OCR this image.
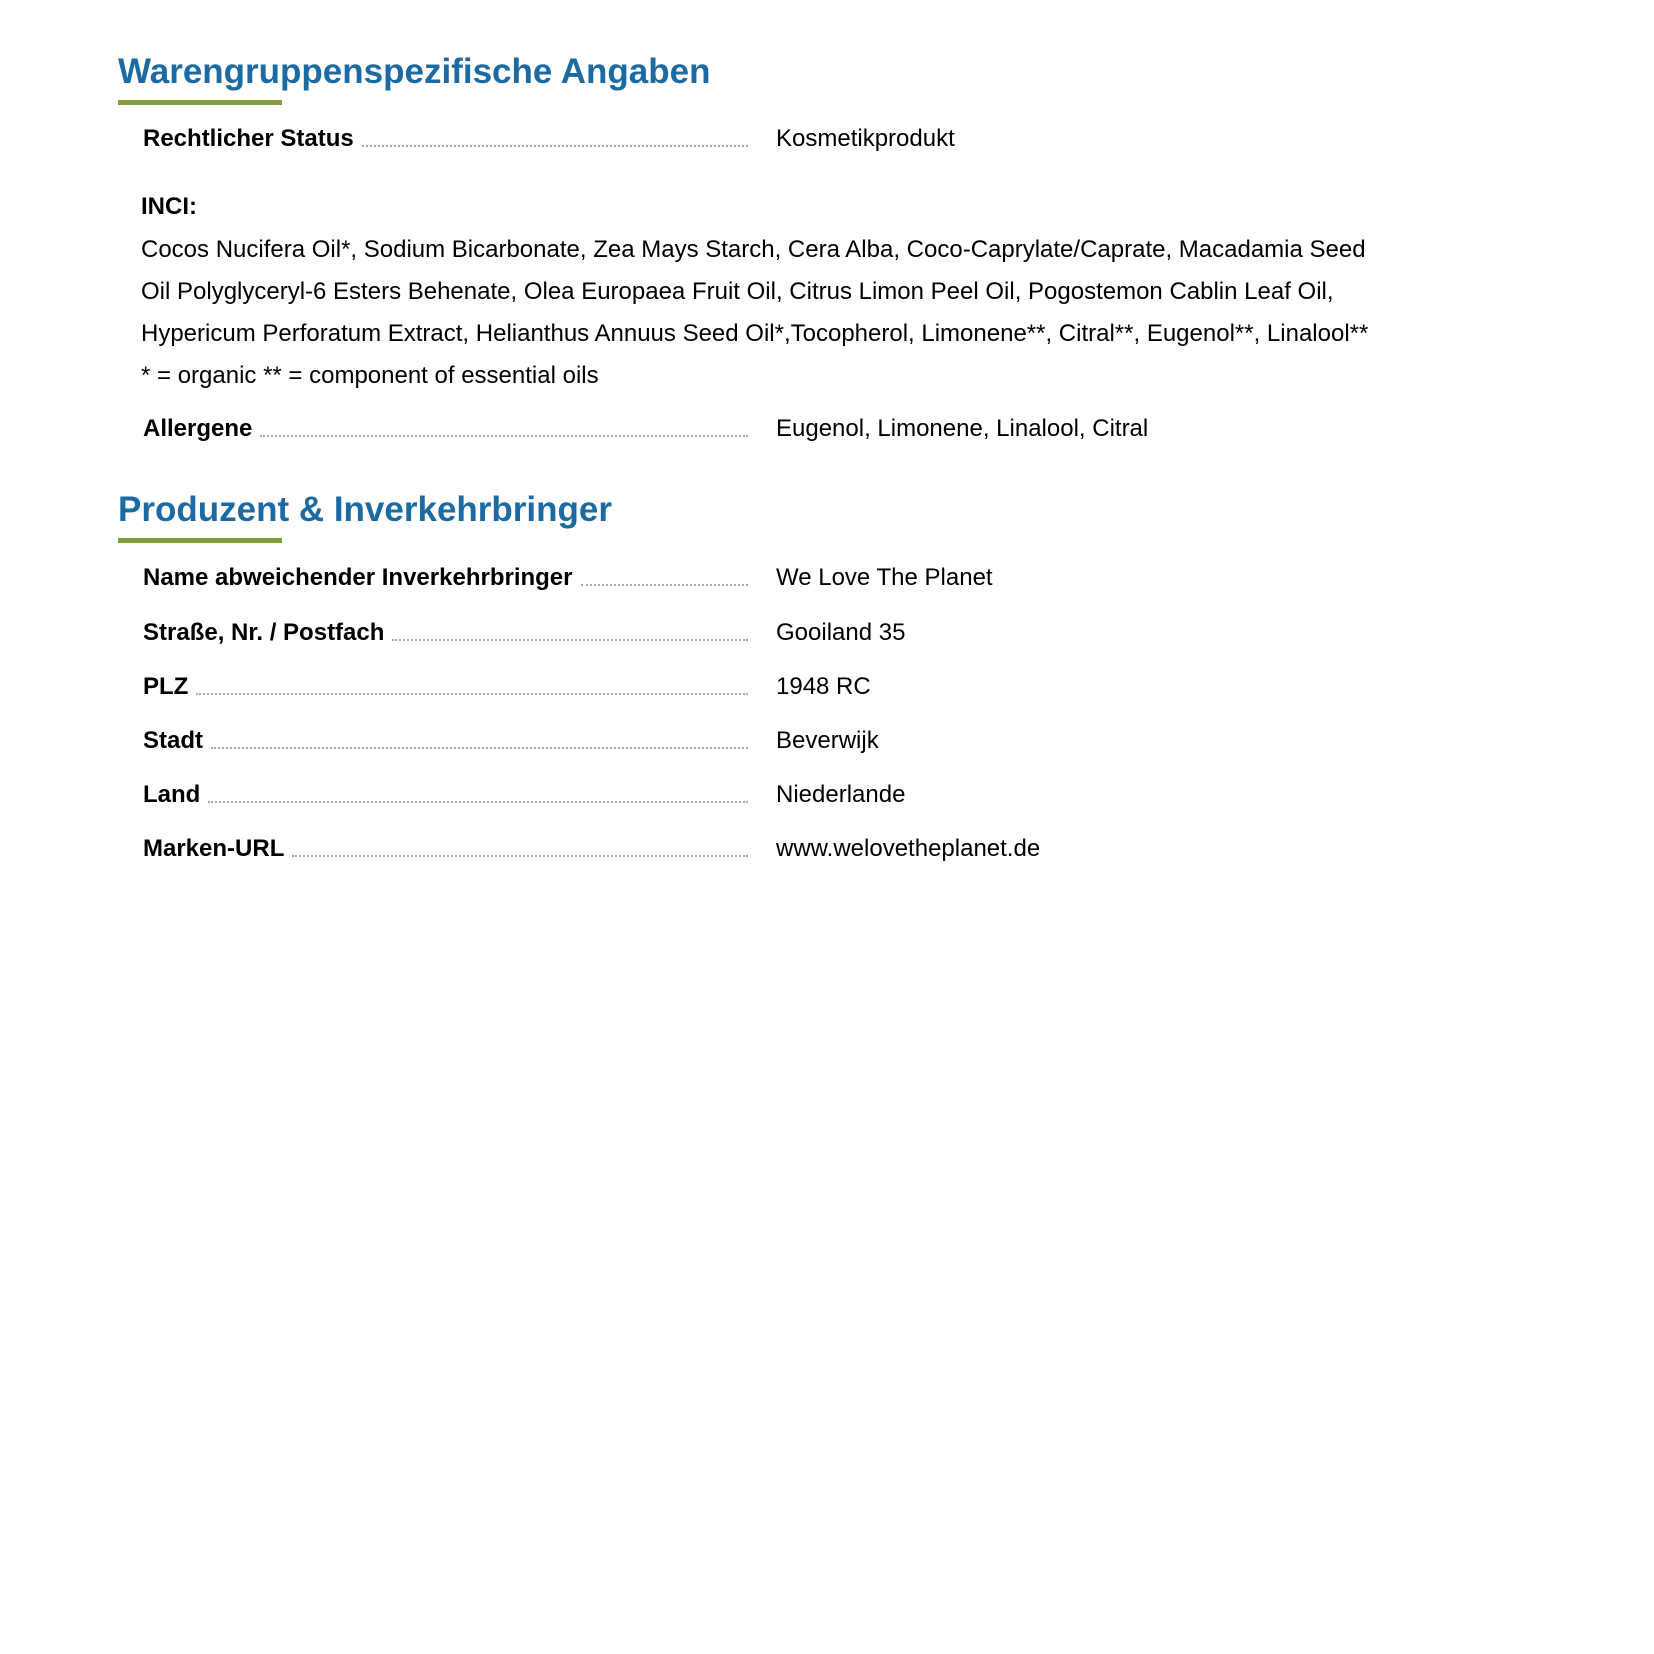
Warengruppenspezifische Angaben
Rechtlicher Status	Kosmetikprodukt
INCI:
Cocos Nucifera Oil*, Sodium Bicarbonate, Zea Mays Starch, Cera Alba, Coco-Caprylate/Caprate, Macadamia Seed Oil Polyglyceryl-6 Esters Behenate, Olea Europaea Fruit Oil, Citrus Limon Peel Oil, Pogostemon Cablin Leaf Oil, Hypericum Perforatum Extract, Helianthus Annuus Seed Oil*,Tocopherol, Limonene**, Citral**, Eugenol**, Linalool** * = organic ** = component of essential oils
Allergene	Eugenol, Limonene, Linalool, Citral
Produzent & Inverkehrbringer
Name abweichender Inverkehrbringer	We Love The Planet
Straße, Nr. / Postfach	Gooiland 35
PLZ	1948 RC
Stadt	Beverwijk
Land	Niederlande
Marken-URL	www.welovetheplanet.de
